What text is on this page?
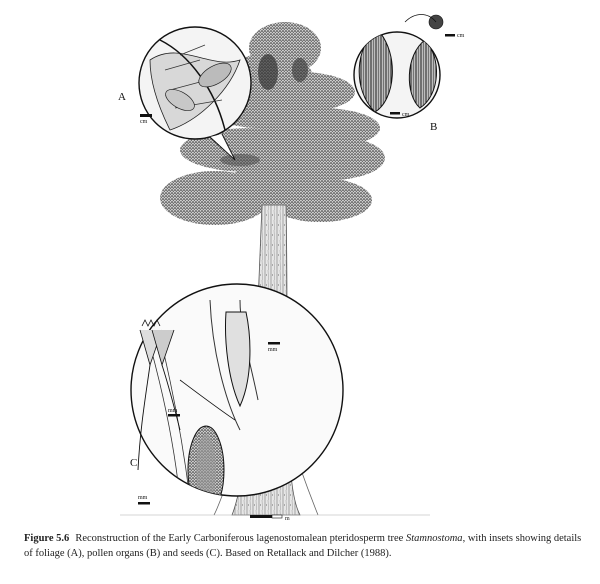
m
A
cm
cm
cm
B
mm
mm
mm
C
Figure 5.6 Reconstruction of the Early Carboniferous lagenostomalean pteridosperm tree Stamnostoma, with insets showing details of foliage (A), pollen organs (B) and seeds (C). Based on Retallack and Dilcher (1988).
